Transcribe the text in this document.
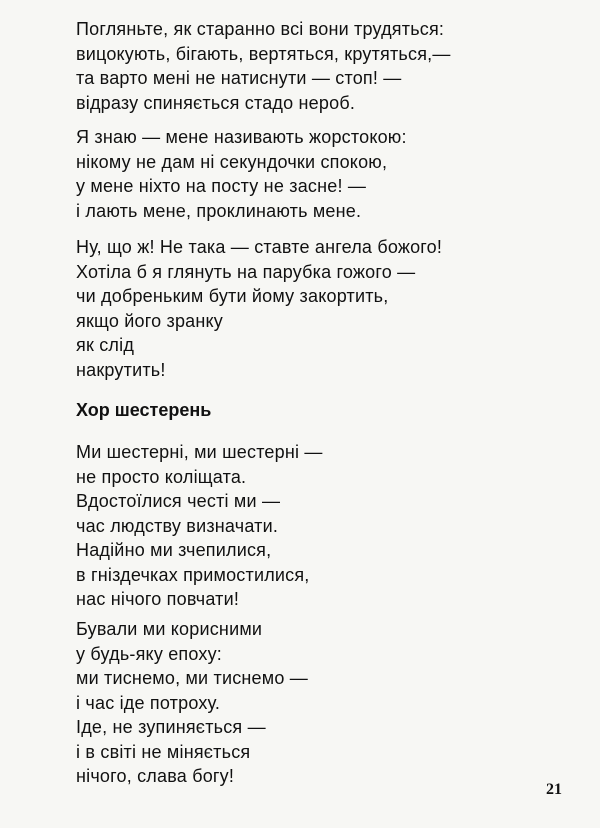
Погляньте, як старанно всі вони трудяться:
вицокують, бігають, вертяться, крутяться,—
та варто мені не натиснути — стоп! —
відразу спиняється стадо нероб.
Я знаю — мене називають жорстокою:
нікому не дам ні секундочки спокою,
у мене ніхто на посту не засне! —
і лають мене, проклинають мене.
Ну, що ж! Не така — ставте ангела божого!
Хотіла б я глянуть на парубка гожого —
чи добреньким бути йому закортить,
якщо його зранку
як слід
накрутить!
Хор шестерень
Ми шестерні, ми шестерні —
не просто коліщата.
Вдостоїлися честі ми —
час людству визначати.
Надійно ми зчепилися,
в гніздечках примостилися,
нас нічого повчати!
Бували ми корисними
у будь-яку епоху:
ми тиснемо, ми тиснемо —
і час іде потроху.
Іде, не зупиняється —
і в світі не міняється
нічого, слава богу!
21
